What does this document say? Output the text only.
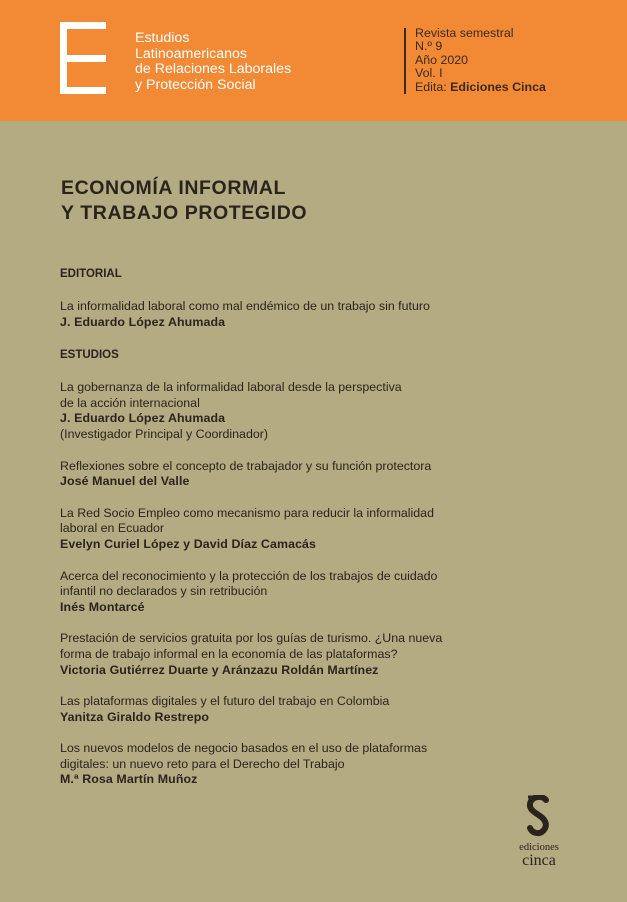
Estudios
Latinoamericanos
de Relaciones Laborales
y Protección Social
Revista semestral
N.º 9
Año 2020
Vol. I
Edita: Ediciones Cinca
ECONOMÍA INFORMAL
Y TRABAJO PROTEGIDO
EDITORIAL
La informalidad laboral como mal endémico de un trabajo sin futuro
J. Eduardo López Ahumada
ESTUDIOS
La gobernanza de la informalidad laboral desde la perspectiva
de la acción internacional
J. Eduardo López Ahumada
(Investigador Principal y Coordinador)
Reflexiones sobre el concepto de trabajador y su función protectora
José Manuel del Valle
La Red Socio Empleo como mecanismo para reducir la informalidad
laboral en Ecuador
Evelyn Curiel López y David Díaz Camacás
Acerca del reconocimiento y la protección de los trabajos de cuidado
infantil no declarados y sin retribución
Inés Montarcé
Prestación de servicios gratuita por los guías de turismo. ¿Una nueva
forma de trabajo informal en la economía de las plataformas?
Victoria Gutiérrez Duarte y Aránzazu Roldán Martínez
Las plataformas digitales y el futuro del trabajo en Colombia
Yanitza Giraldo Restrepo
Los nuevos modelos de negocio basados en el uso de plataformas
digitales: un nuevo reto para el Derecho del Trabajo
M.ª Rosa Martín Muñoz
ediciones
cinca
